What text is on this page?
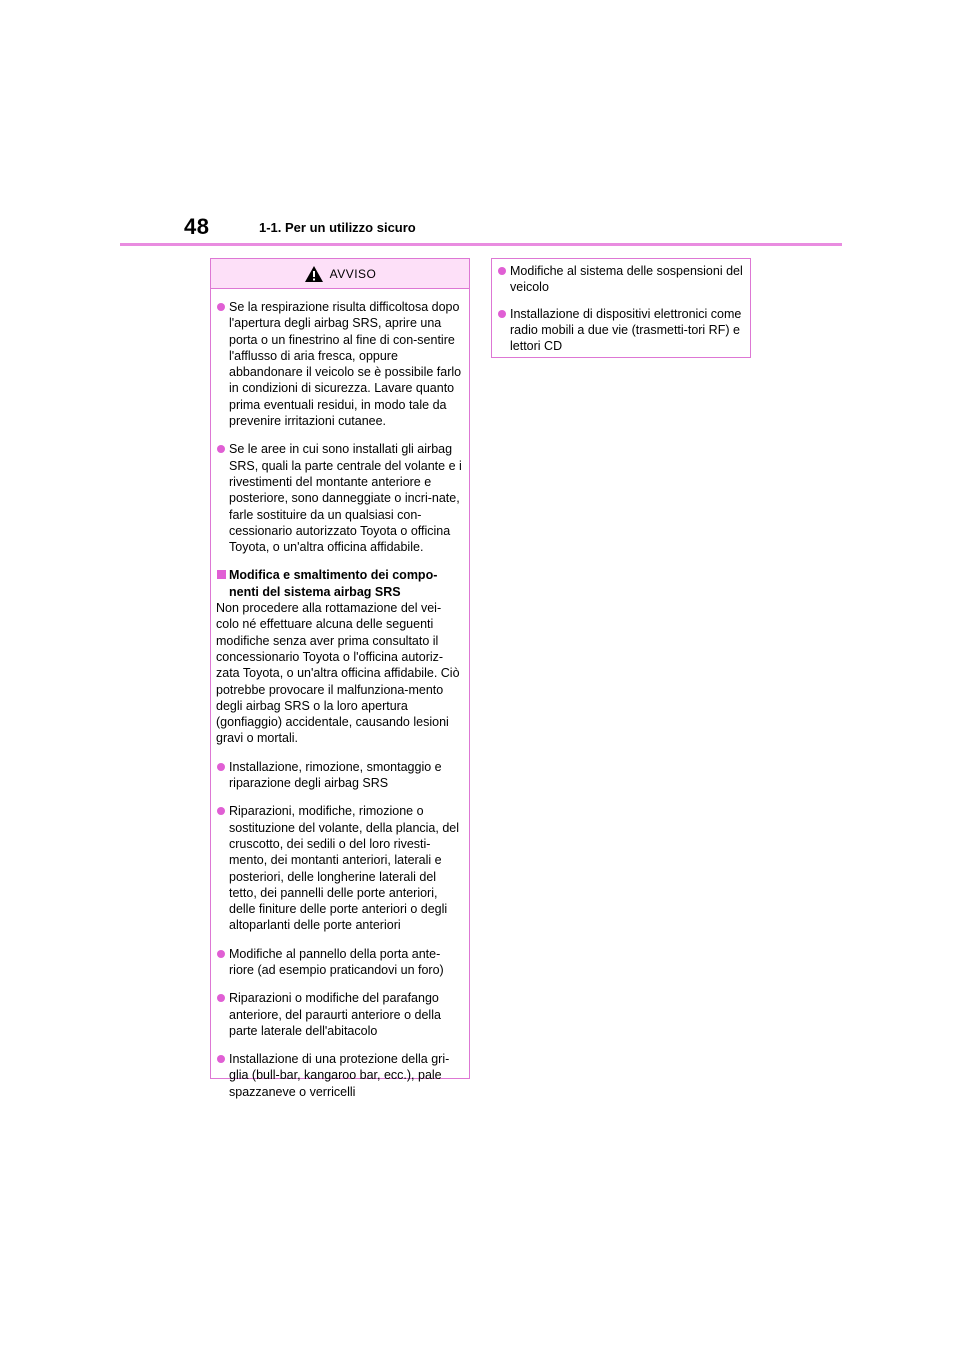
48	1-1. Per un utilizzo sicuro
AVVISO
Se la respirazione risulta difficoltosa dopo l'apertura degli airbag SRS, aprire una porta o un finestrino al fine di con-sentire l'afflusso di aria fresca, oppure abbandonare il veicolo se è possibile farlo in condizioni di sicurezza. Lavare quanto prima eventuali residui, in modo tale da prevenire irritazioni cutanee.
Se le aree in cui sono installati gli airbag SRS, quali la parte centrale del volante e i rivestimenti del montante anteriore e posteriore, sono danneggiate o incri-nate, farle sostituire da un qualsiasi con-cessionario autorizzato Toyota o officina Toyota, o un'altra officina affidabile.
Modifica e smaltimento dei compo-nenti del sistema airbag SRS
Non procedere alla rottamazione del vei-colo né effettuare alcuna delle seguenti modifiche senza aver prima consultato il concessionario Toyota o l'officina autoriz-zata Toyota, o un'altra officina affidabile. Ciò potrebbe provocare il malfunziona-mento degli airbag SRS o la loro apertura (gonfiaggio) accidentale, causando lesioni gravi o mortali.
Installazione, rimozione, smontaggio e riparazione degli airbag SRS
Riparazioni, modifiche, rimozione o sostituzione del volante, della plancia, del cruscotto, dei sedili o del loro rivesti-mento, dei montanti anteriori, laterali e posteriori, delle longherine laterali del tetto, dei pannelli delle porte anteriori, delle finiture delle porte anteriori o degli altoparlanti delle porte anteriori
Modifiche al pannello della porta ante-riore (ad esempio praticandovi un foro)
Riparazioni o modifiche del parafango anteriore, del paraurti anteriore o della parte laterale dell'abitacolo
Installazione di una protezione della gri-glia (bull-bar, kangaroo bar, ecc.), pale spazzaneve o verricelli
Modifiche al sistema delle sospensioni del veicolo
Installazione di dispositivi elettronici come radio mobili a due vie (trasmetti-tori RF) e lettori CD
